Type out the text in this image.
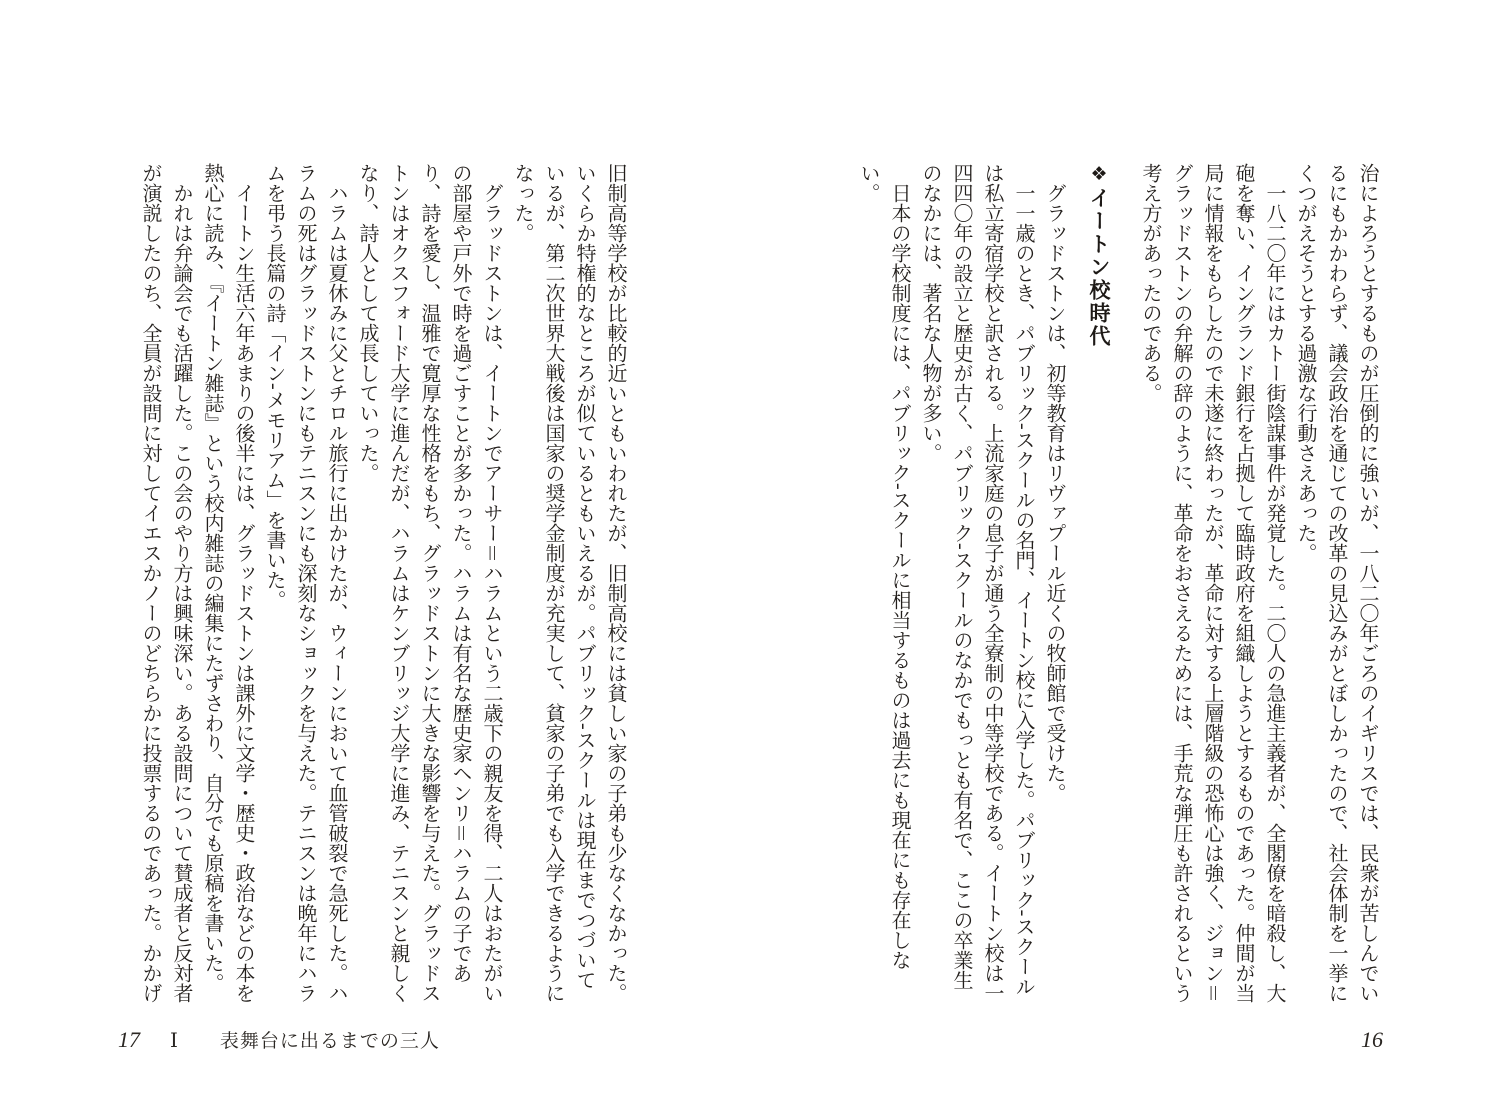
治によろうとするものが圧倒的に強いが、一八二〇年ごろのイギリスでは、民衆が苦しんでいるにもかかわらず、議会政治を通じての改革の見込みがとぼしかったので、社会体制を一挙にくつがえそうとする過激な行動さえあった。

一八二〇年にはカトー街陰謀事件が発覚した。二〇人の急進主義者が、全閣僚を暗殺し、大砲を奪い、イングランド銀行を占拠して臨時政府を組織しようとするものであった。仲間が当局に情報をもらしたので未遂に終わったが、革命に対する上層階級の恐怖心は強く、ジョン＝グラッドストンの弁解の辞のように、革命をおさえるためには、手荒な弾圧も許されるという考え方があったのである。

❖イートン校時代

グラッドストンは、初等教育はリヴァプール近くの牧師館で受けた。

一一歳のとき、パブリック-スクールの名門、イートン校に入学した。パブリック-スクールは私立寄宿学校と訳される。上流家庭の息子が通う全寮制の中等学校である。イートン校は一四四〇年の設立と歴史が古く、パブリック-スクールのなかでもっとも有名で、ここの卒業生のなかには、著名な人物が多い。

日本の学校制度には、パブリック-スクールに相当するものは過去にも現在にも存在しない。

16

旧制高等学校が比較的近いともいわれたが、旧制高校には貧しい家の子弟も少なくなかった。いくらか特権的なところが似ているともいえるが。パブリック-スクールは現在までつづいているが、第二次世界大戦後は国家の奨学金制度が充実して、貧家の子弟でも入学できるようになった。

グラッドストンは、イートンでアーサー＝ハラムという二歳下の親友を得、二人はおたがいの部屋や戸外で時を過ごすことが多かった。ハラムは有名な歴史家ヘンリ＝ハラムの子であり、詩を愛し、温雅で寛厚な性格をもち、グラッドストンに大きな影響を与えた。グラッドストンはオクスフォード大学に進んだが、ハラムはケンブリッジ大学に進み、テニスンと親しくなり、詩人として成長していった。

ハラムは夏休みに父とチロル旅行に出かけたが、ウィーンにおいて血管破裂で急死した。ハラムの死はグラッドストンにもテニスンにも深刻なショックを与えた。テニスンは晩年にハラムを弔う長篇の詩「イン-メモリアム」を書いた。

イートン生活六年あまりの後半には、グラッドストンは課外に文学・歴史・政治などの本を熱心に読み、『イートン雑誌』という校内雑誌の編集にたずさわり、自分でも原稿を書いた。

かれは弁論会でも活躍した。この会のやり方は興味深い。ある設問について賛成者と反対者が演説したのち、全員が設問に対してイエスかノーのどちらかに投票するのであった。かかげ

17 Ⅰ 表舞台に出るまでの三人
